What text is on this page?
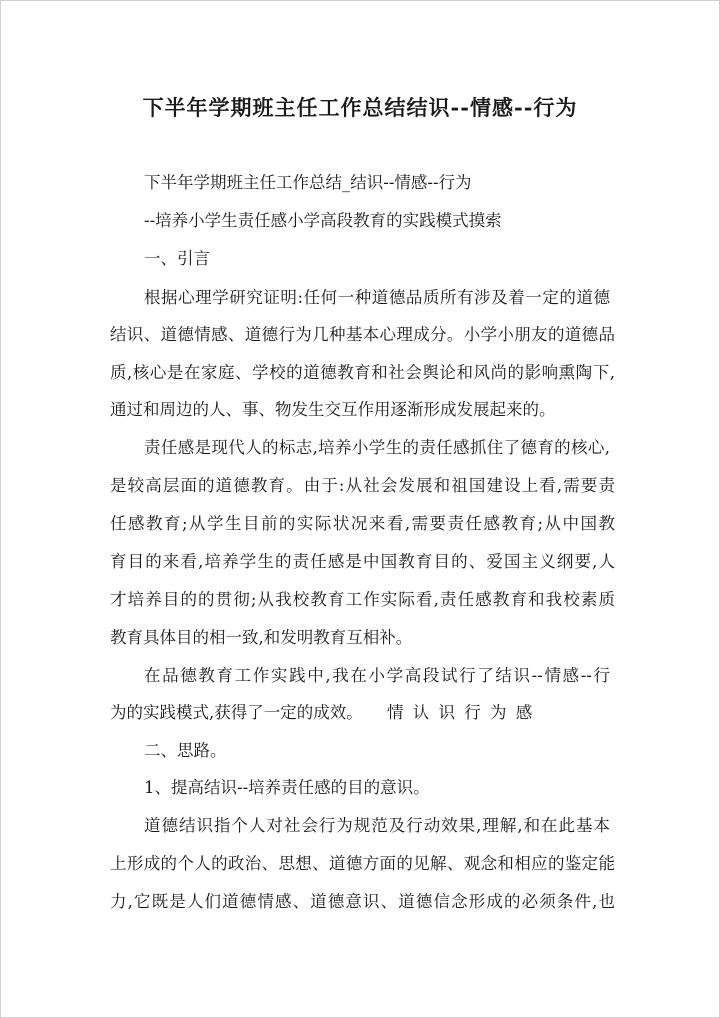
下半年学期班主任工作总结结识--情感--行为
下半年学期班主任工作总结_结识--情感--行为
--培养小学生责任感小学高段教育的实践模式摸索
一、引言
根据心理学研究证明:任何一种道德品质所有涉及着一定的道德
结识、道德情感、道德行为几种基本心理成分。小学小朋友的道德品
质,核心是在家庭、学校的道德教育和社会舆论和风尚的影响熏陶下,
通过和周边的人、事、物发生交互作用逐渐形成发展起来的。
责任感是现代人的标志,培养小学生的责任感抓住了德育的核心,
是较高层面的道德教育。由于:从社会发展和祖国建设上看,需要责
任感教育;从学生目前的实际状况来看,需要责任感教育;从中国教
育目的来看,培养学生的责任感是中国教育目的、爱国主义纲要,人
才培养目的的贯彻;从我校教育工作实际看,责任感教育和我校素质
教育具体目的相一致,和发明教育互相补。
在品德教育工作实践中,我在小学高段试行了结识--情感--行
为的实践模式,获得了一定的成效。	情 认 识 行 为 感
二、思路。
1、提高结识--培养责任感的目的意识。
道德结识指个人对社会行为规范及行动效果,理解,和在此基本
上形成的个人的政治、思想、道德方面的见解、观念和相应的鉴定能
力,它既是人们道德情感、道德意识、道德信念形成的必须条件,也
